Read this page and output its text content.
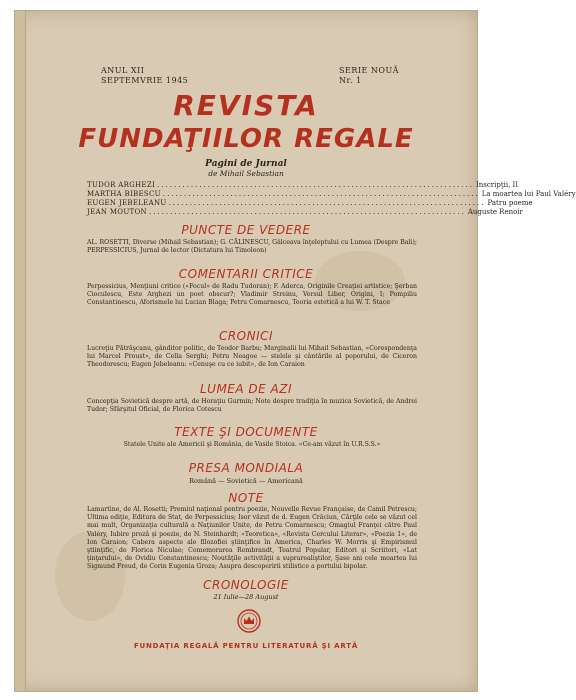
ANUL XII
SEPTEMVRIE 1945
SERIE NOUĂ
Nr. 1
REVISTA
FUNDAŢIILOR REGALE
Pagini de Jurnal
de Mihail Sebastian
TUDOR ARGHEZI ........................................................................... Inscripţii, II
MARTHA BIBESCU ........................................................................... La moartea lui Paul Valéry
EUGEN JEBELEANU ........................................................................... Patru poeme
JEAN MOUTON ........................................................................... Auguste Renoir
PUNCTE DE VEDERE
AL. ROSETTI, Diverse (Mihail Sebastian); G. CĂLINESCU, Gâlceava înţeleptului cu Lumea (Despre Bali); PERPESSICIUS, Jurnal de lector (Dictatura lui Timoleon)
COMENTARII CRITICE
Perpessicius, Menţiuni critice («Focul» de Radu Tudoran); F. Aderca, Originile Creaţiei artistice; Şerban Cioculescu, Este Arghezi un poet obscur?; Vladimir Streinu, Versul Liber, Origini, I; Pompiliu Constantinescu, Aforismele lui Lucian Blaga; Petru Comarnescu, Teoria estetică a lui W. T. Stace
CRONICI
Lucreţiu Pătrăşcanu, gânditor politic, de Teodor Barbu; Marginalii lui Mihail Sebastian, «Corespondenţa lui Marcel Proust», de Cella Serghi; Petru Neagoe — stelele şi cântările al poporului, de Ciceron Theodorescu; Eugen Jebeleanu: «Cenuşe cu ce iubit», de Ion Caraion
LUMEA DE AZI
Concepţia Sovietică despre artă, de Horaţiu Gurmin; Note despre tradiţia în muzica Sovietică, de Andrei Tudor; Sfârşitul Oficial, de Florica Cotescu
TEXTE ŞI DOCUMENTE
Statele Unite ale Americii şi România, de Vasile Stoica. «Ce-am văzut în U.R.S.S.»
PRESA MONDIALA
Română — Sovietică — Americană
NOTE
Lamartine, de Al. Rosetti; Premiul naţional pentru poezie, Nouvelle Revue Française, de Camil Petrescu; Ultima ediţie, Editura de Stat, de Perpessicius; Iser văzut de d. Eugen Crăciun, Cărţile cele se văzut cel mai mult, Organizaţia culturală a Naţiunilor Unite, de Petru Comarnescu; Omagiul Franţei către Paul Valéry, Iubire proză şi poezie, de N. Steinhardt; «Teoretica», «Revista Cercului Literar», «Poezia 1», de Ion Caraion; Cabera aspecte ale filozofiei ştiinţifice în America, Charles W. Morris şi Empirismul ştiinţific, de Florica Niculae; Comemorarea Rembrandt, Teatrul Popular, Editori şi Scriitori, «Lat ţinţarului», de Ovidiu Constantinescu; Noutăţile activităţii a suprarealiştilor, Şase ani cele moartea lui Sigmund Freud, de Corin Eugenia Groza; Asupra descoperirii stilistice a portului bipolar.
CRONOLOGIE
21 Iulie—28 August
FUNDAŢIA REGALĂ PENTRU LITERATURĂ ŞI ARTĂ
